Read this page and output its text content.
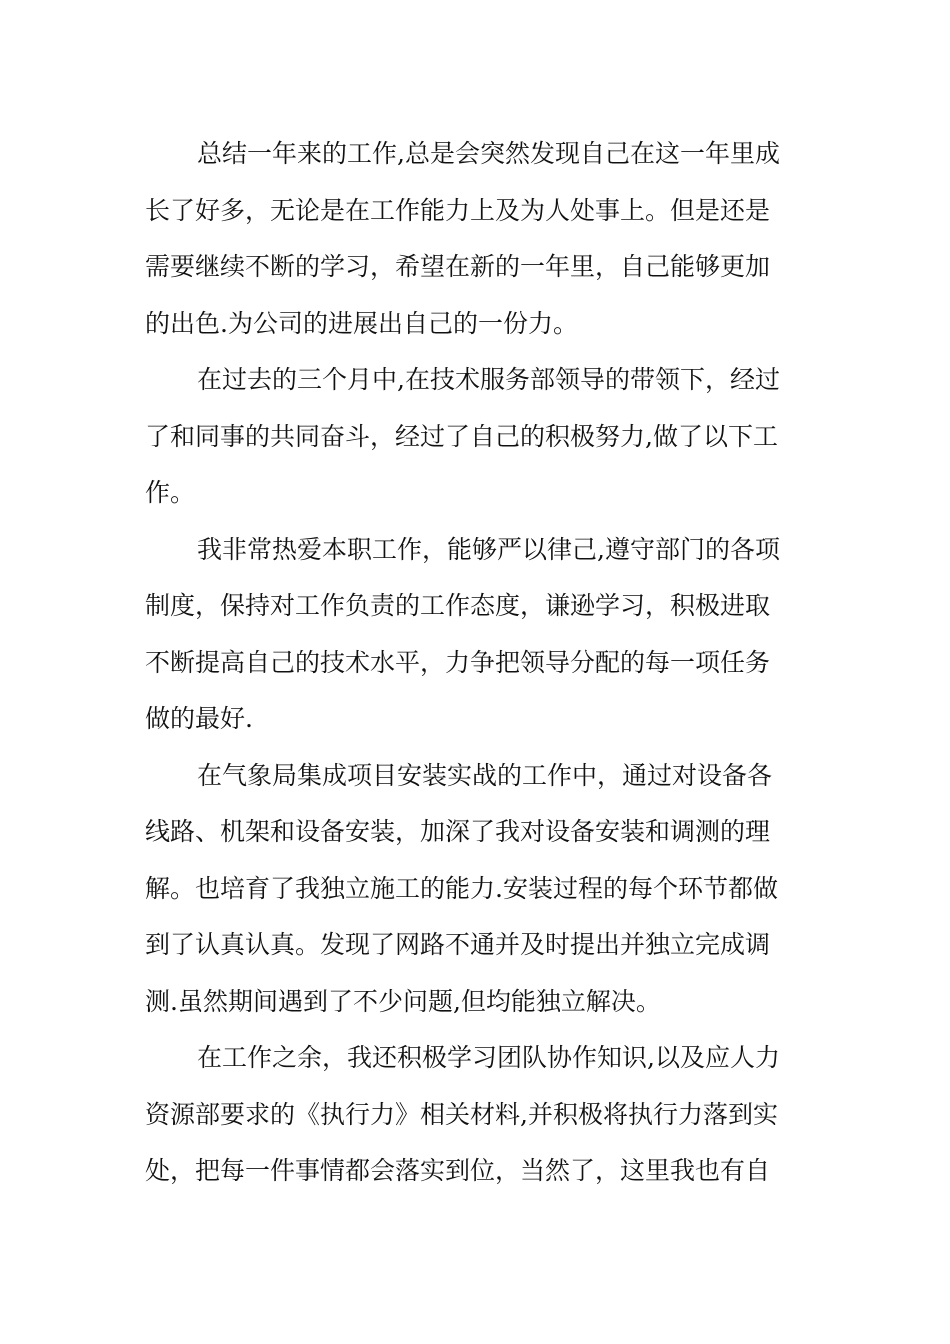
总结一年来的工作,总是会突然发现自己在这一年里成
长了好多，无论是在工作能力上及为人处事上。但是还是
需要继续不断的学习，希望在新的一年里，自己能够更加
的出色.为公司的进展出自己的一份力。

在过去的三个月中,在技术服务部领导的带领下，经过
了和同事的共同奋斗，经过了自己的积极努力,做了以下工
作。

我非常热爱本职工作，能够严以律己,遵守部门的各项
制度，保持对工作负责的工作态度，谦逊学习，积极进取
不断提高自己的技术水平，力争把领导分配的每一项任务
做的最好.

在气象局集成项目安装实战的工作中，通过对设备各
线路、机架和设备安装，加深了我对设备安装和调测的理
解。也培育了我独立施工的能力.安装过程的每个环节都做
到了认真认真。发现了网路不通并及时提出并独立完成调
测.虽然期间遇到了不少问题,但均能独立解决。

在工作之余，我还积极学习团队协作知识,以及应人力
资源部要求的《执行力》相关材料,并积极将执行力落到实
处，把每一件事情都会落实到位，当然了，这里我也有自
